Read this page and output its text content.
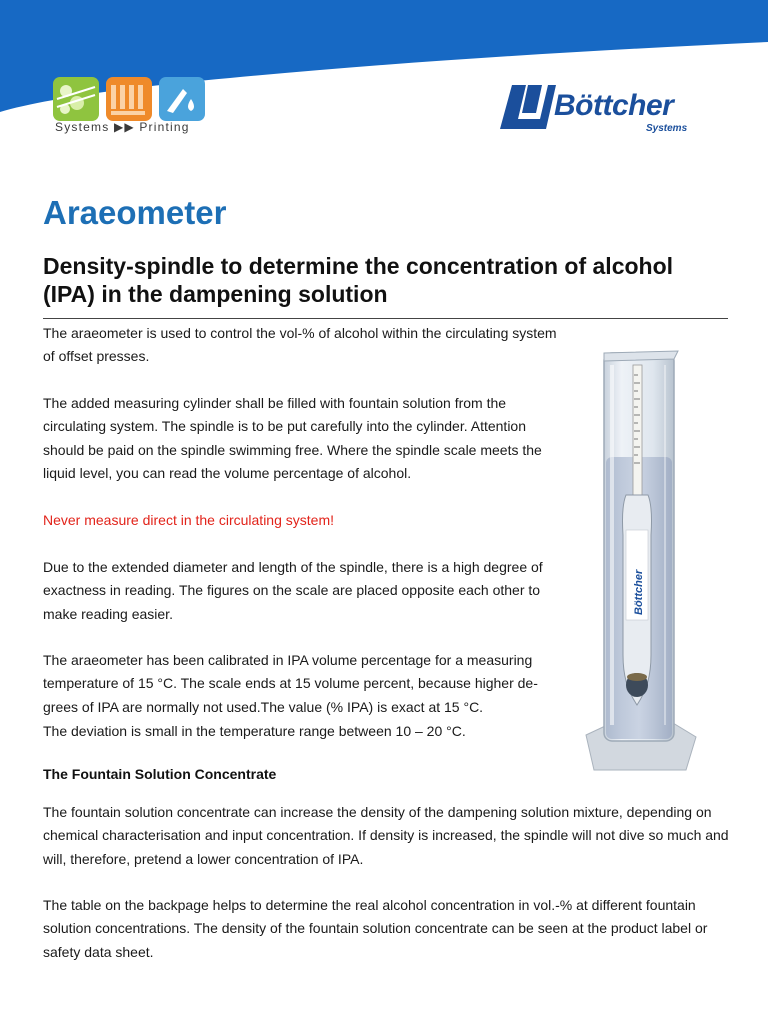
Systems ▶▶ Printing
Böttcher
Systems
Araeometer
Density-spindle to determine the concentration of alcohol (IPA) in the dampening solution

The araeometer is used to control the vol-% of alcohol within the circulating system of offset presses.

The added measuring cylinder shall be filled with fountain solution from the circulating system. The spindle is to be put carefully into the cylinder. Attention should be paid on the spindle swimming free. Where the spindle scale meets the liquid level, you can read the volume percentage of alcohol.

Never measure direct in the circulating system!

Due to the extended diameter and length of the spindle, there is a high degree of exactness in reading. The figures on the scale are placed opposite each other to make reading easier.

The araeometer has been calibrated in IPA volume percentage for a measuring temperature of 15 °C. The scale ends at 15 volume percent, because higher de-grees of IPA are normally not used.The value (% IPA) is exact at 15 °C.

The deviation is small in the temperature range between 10 – 20 °C.

The Fountain Solution Concentrate

The fountain solution concentrate can increase the density of the dampening solution mixture, depending on chemical characterisation and input concentration. If density is increased, the spindle will not dive so much and will, therefore, pretend a lower concentration of IPA.

The table on the backpage helps to determine the real alcohol concentration in vol.-% at different fountain solution concentrations. The density of the fountain solution concentrate can be seen at the product label or safety data sheet.

Böttcher
